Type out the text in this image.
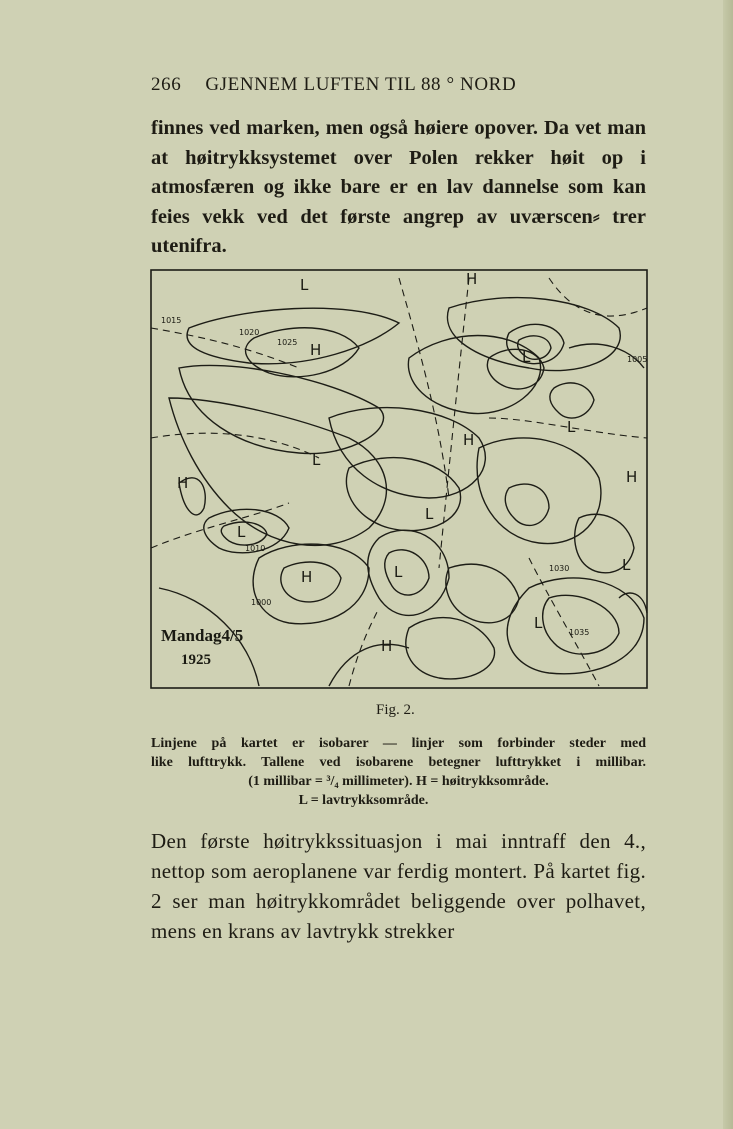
266 GJENNEM LUFTEN TIL 88 ° NORD
finnes ved marken, men også høiere opover. Da vet man at høitrykksystemet over Polen rekker høit op i atmosfæren og ikke bare er en lav dannelse som kan feies vekk ved det første angrep av uværscen⸗ trer utenifra.
H
H
H	H
H
H
H
L
L
L
L
L
L
L	L
L
1015
1020
1025
1010
1005
1000
1030
1035
Mandag4/5
1925
Fig. 2.
Linjene på kartet er isobarer — linjer som forbinder steder med
like lufttrykk. Tallene ved isobarene betegner lufttrykket i millibar.
(1 millibar = ³/₄ millimeter). H = høitrykksområde.
L = lavtrykksområde.
Den første høitrykkssituasjon i mai inntraff den 4., nettop som aeroplanene var ferdig montert. På kartet fig. 2 ser man høitrykkområdet beliggende over polhavet, mens en krans av lavtrykk strekker
